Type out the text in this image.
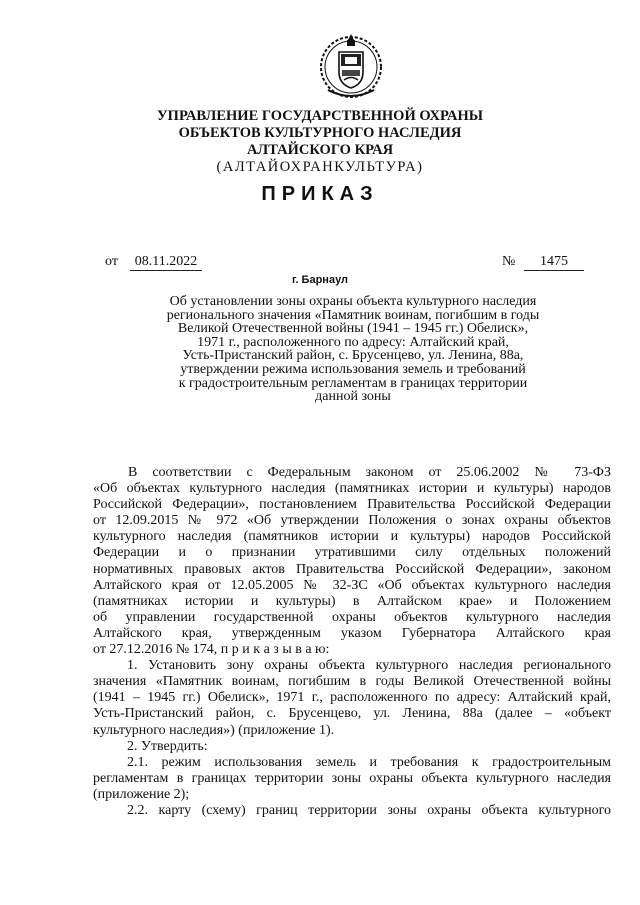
УПРАВЛЕНИЕ ГОСУДАРСТВЕННОЙ ОХРАНЫ
ОБЪЕКТОВ КУЛЬТУРНОГО НАСЛЕДИЯ
АЛТАЙСКОГО КРАЯ
(АЛТАЙОХРАНКУЛЬТУРА)
ПРИКАЗ
от	08.11.2022	№	1475
г. Барнаул
Об установлении зоны охраны объекта культурного наследия
регионального значения «Памятник воинам, погибшим в годы
Великой Отечественной войны (1941 – 1945 гг.) Обелиск»,
1971 г., расположенного по адресу: Алтайский край,
Усть-Пристанский район, с. Брусенцево, ул. Ленина, 88а,
утверждении режима использования земель и требований
к градостроительным регламентам в границах территории
данной зоны
В соответствии с Федеральным законом от 25.06.2002 № 73-ФЗ
«Об объектах культурного наследия (памятниках истории и культуры) народов
Российской Федерации», постановлением Правительства Российской Федерации
от 12.09.2015 № 972 «Об утверждении Положения о зонах охраны объектов
культурного наследия (памятников истории и культуры) народов Российской
Федерации и о признании утратившими силу отдельных положений
нормативных правовых актов Правительства Российской Федерации», законом
Алтайского края от 12.05.2005 № 32-ЗС «Об объектах культурного наследия
(памятниках истории и культуры) в Алтайском крае» и Положением
об управлении государственной охраны объектов культурного наследия
Алтайского края, утвержденным указом Губернатора Алтайского края
от 27.12.2016 № 174, п р и к а з ы в а ю:
1. Установить зону охраны объекта культурного наследия регионального
значения «Памятник воинам, погибшим в годы Великой Отечественной войны
(1941 – 1945 гг.) Обелиск», 1971 г., расположенного по адресу: Алтайский край,
Усть-Пристанский район, с. Брусенцево, ул. Ленина, 88а (далее – «объект
культурного наследия») (приложение 1).
2. Утвердить:
2.1. режим использования земель и требования к градостроительным
регламентам в границах территории зоны охраны объекта культурного наследия
(приложение 2);
2.2. карту (схему) границ территории зоны охраны объекта культурного
